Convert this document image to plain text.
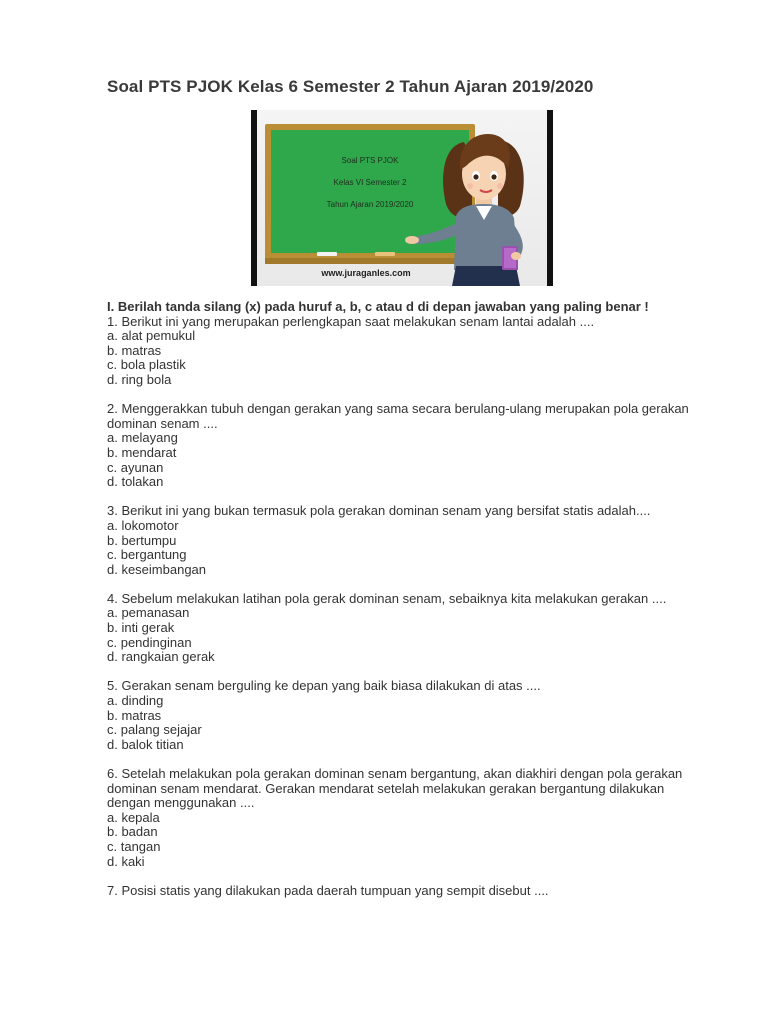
Soal PTS PJOK Kelas 6 Semester 2 Tahun Ajaran 2019/2020
Soal PTS PJOK
Kelas VI Semester 2
Tahun Ajaran 2019/2020
www.juraganles.com

I. Berilah tanda silang (x) pada huruf a, b, c atau d di depan jawaban yang paling benar !

1. Berikut ini yang merupakan perlengkapan saat melakukan senam lantai adalah ....

a. alat pemukul

b. matras

c. bola plastik

d. ring bola

2. Menggerakkan tubuh dengan gerakan yang sama secara berulang-ulang merupakan pola gerakan dominan senam ....

a. melayang

b. mendarat

c. ayunan

d. tolakan

3. Berikut ini yang bukan termasuk pola gerakan dominan senam yang bersifat statis adalah....

a. lokomotor

b. bertumpu

c. bergantung

d. keseimbangan

4. Sebelum melakukan latihan pola gerak dominan senam, sebaiknya kita melakukan gerakan ....

a. pemanasan

b. inti gerak

c. pendinginan

d. rangkaian gerak

5. Gerakan senam berguling ke depan yang baik biasa dilakukan di atas ....

a. dinding

b. matras

c. palang sejajar

d. balok titian

6. Setelah melakukan pola gerakan dominan senam bergantung, akan diakhiri dengan pola gerakan dominan senam mendarat. Gerakan mendarat setelah melakukan gerakan bergantung dilakukan dengan menggunakan ....

a. kepala

b. badan

c. tangan

d. kaki

7. Posisi statis yang dilakukan pada daerah tumpuan yang sempit disebut ....
